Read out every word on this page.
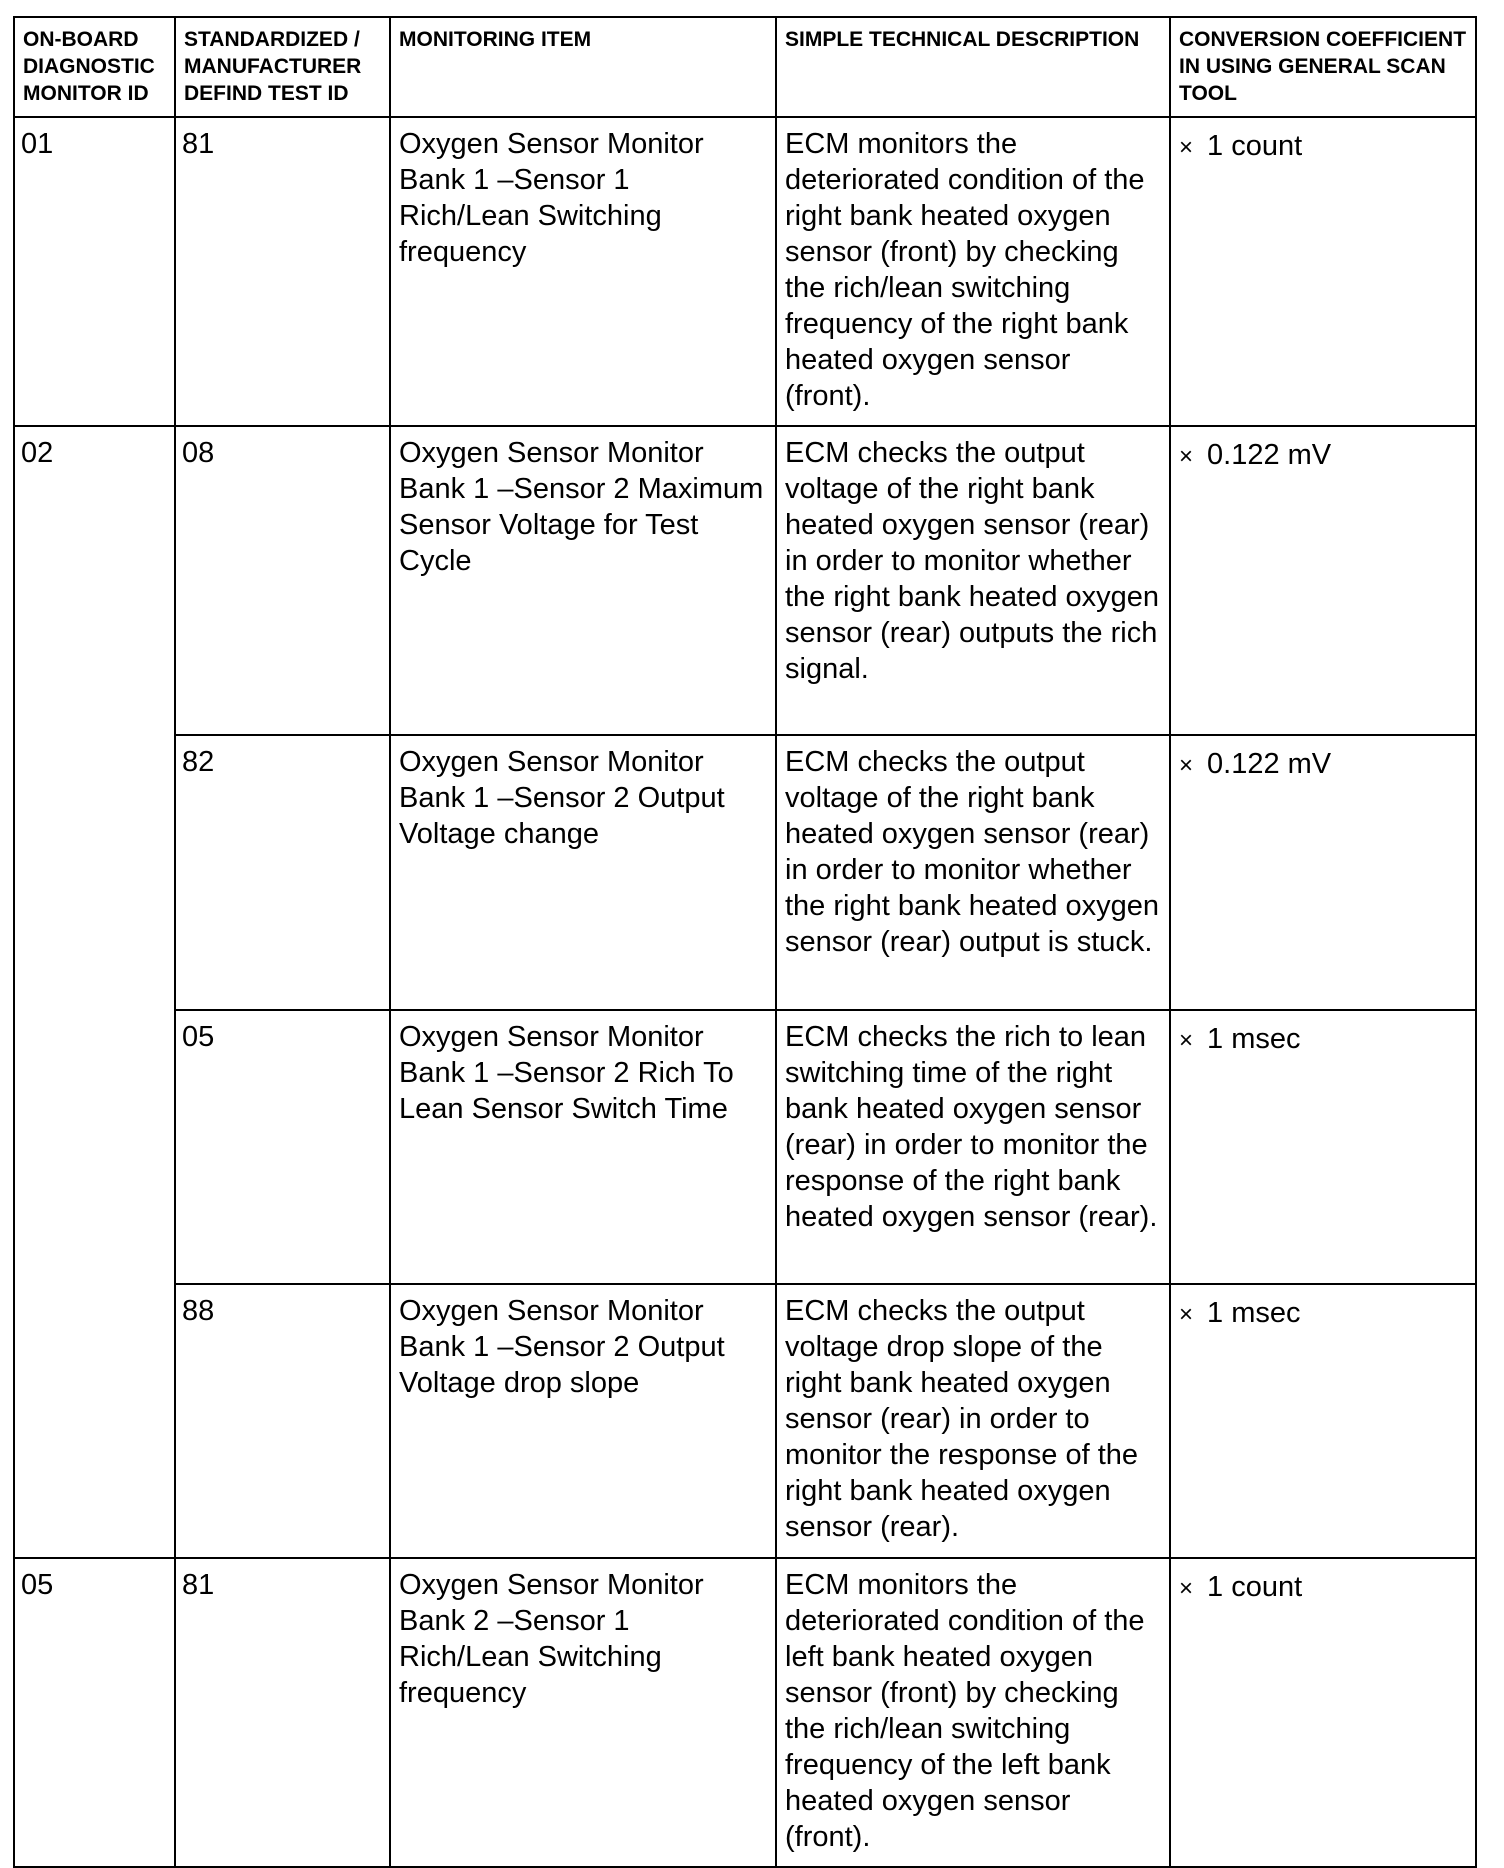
ON-BOARD DIAGNOSTIC MONITOR ID	STANDARDIZED / MANUFACTURER DEFIND TEST ID	MONITORING ITEM	SIMPLE TECHNICAL DESCRIPTION	CONVERSION COEFFICIENT IN USING GENERAL SCAN TOOL
01	81	Oxygen Sensor Monitor Bank 1 –Sensor 1 Rich/Lean Switching frequency	ECM monitors the deteriorated condition of the right bank heated oxygen sensor (front) by checking the rich/lean switching frequency of the right bank heated oxygen sensor (front).	× 1 count
02	08	Oxygen Sensor Monitor Bank 1 –Sensor 2 Maximum Sensor Voltage for Test Cycle	ECM checks the output voltage of the right bank heated oxygen sensor (rear) in order to monitor whether the right bank heated oxygen sensor (rear) outputs the rich signal.	× 0.122 mV
	82	Oxygen Sensor Monitor Bank 1 –Sensor 2 Output Voltage change	ECM checks the output voltage of the right bank heated oxygen sensor (rear) in order to monitor whether the right bank heated oxygen sensor (rear) output is stuck.	× 0.122 mV
	05	Oxygen Sensor Monitor Bank 1 –Sensor 2 Rich To Lean Sensor Switch Time	ECM checks the rich to lean switching time of the right bank heated oxygen sensor (rear) in order to monitor the response of the right bank heated oxygen sensor (rear).	× 1 msec
	88	Oxygen Sensor Monitor Bank 1 –Sensor 2 Output Voltage drop slope	ECM checks the output voltage drop slope of the right bank heated oxygen sensor (rear) in order to monitor the response of the right bank heated oxygen sensor (rear).	× 1 msec
05	81	Oxygen Sensor Monitor Bank 2 –Sensor 1 Rich/Lean Switching frequency	ECM monitors the deteriorated condition of the left bank heated oxygen sensor (front) by checking the rich/lean switching frequency of the left bank heated oxygen sensor (front).	× 1 count
